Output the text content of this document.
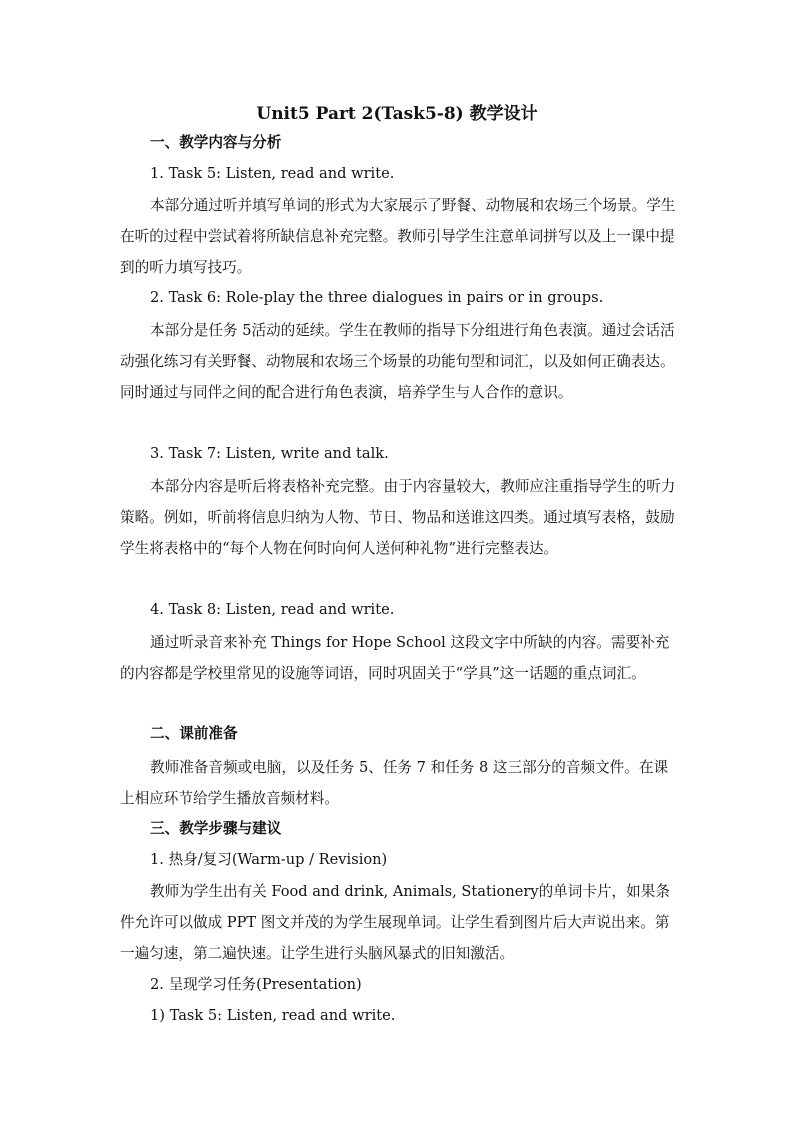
Unit5 Part 2(Task5-8) 教学设计
一、教学内容与分析
1. Task 5: Listen, read and write.
本部分通过听并填写单词的形式为大家展示了野餐、动物展和农场三个场景。学生在听的过程中尝试着将所缺信息补充完整。教师引导学生注意单词拼写以及上一课中提到的听力填写技巧。
2. Task 6: Role-play the three dialogues in pairs or in groups.
本部分是任务 5活动的延续。学生在教师的指导下分组进行角色表演。通过会话活动强化练习有关野餐、动物展和农场三个场景的功能句型和词汇，以及如何正确表达。同时通过与同伴之间的配合进行角色表演，培养学生与人合作的意识。
3. Task 7: Listen, write and talk.
本部分内容是听后将表格补充完整。由于内容量较大，教师应注重指导学生的听力策略。例如，听前将信息归纳为人物、节日、物品和送谁这四类。通过填写表格，鼓励学生将表格中的“每个人物在何时向何人送何种礼物”进行完整表达。
4. Task 8: Listen, read and write.
通过听录音来补充 Things for Hope School 这段文字中所缺的内容。需要补充的内容都是学校里常见的设施等词语，同时巩固关于“学具”这一话题的重点词汇。
二、课前准备
教师准备音频或电脑，以及任务 5、任务 7 和任务 8 这三部分的音频文件。在课上相应环节给学生播放音频材料。
三、教学步骤与建议
1. 热身/复习(Warm-up / Revision)
教师为学生出有关 Food and drink, Animals, Stationery的单词卡片，如果条件允许可以做成 PPT 图文并茂的为学生展现单词。让学生看到图片后大声说出来。第一遍匀速，第二遍快速。让学生进行头脑风暴式的旧知激活。
2. 呈现学习任务(Presentation)
1) Task 5: Listen, read and write.
